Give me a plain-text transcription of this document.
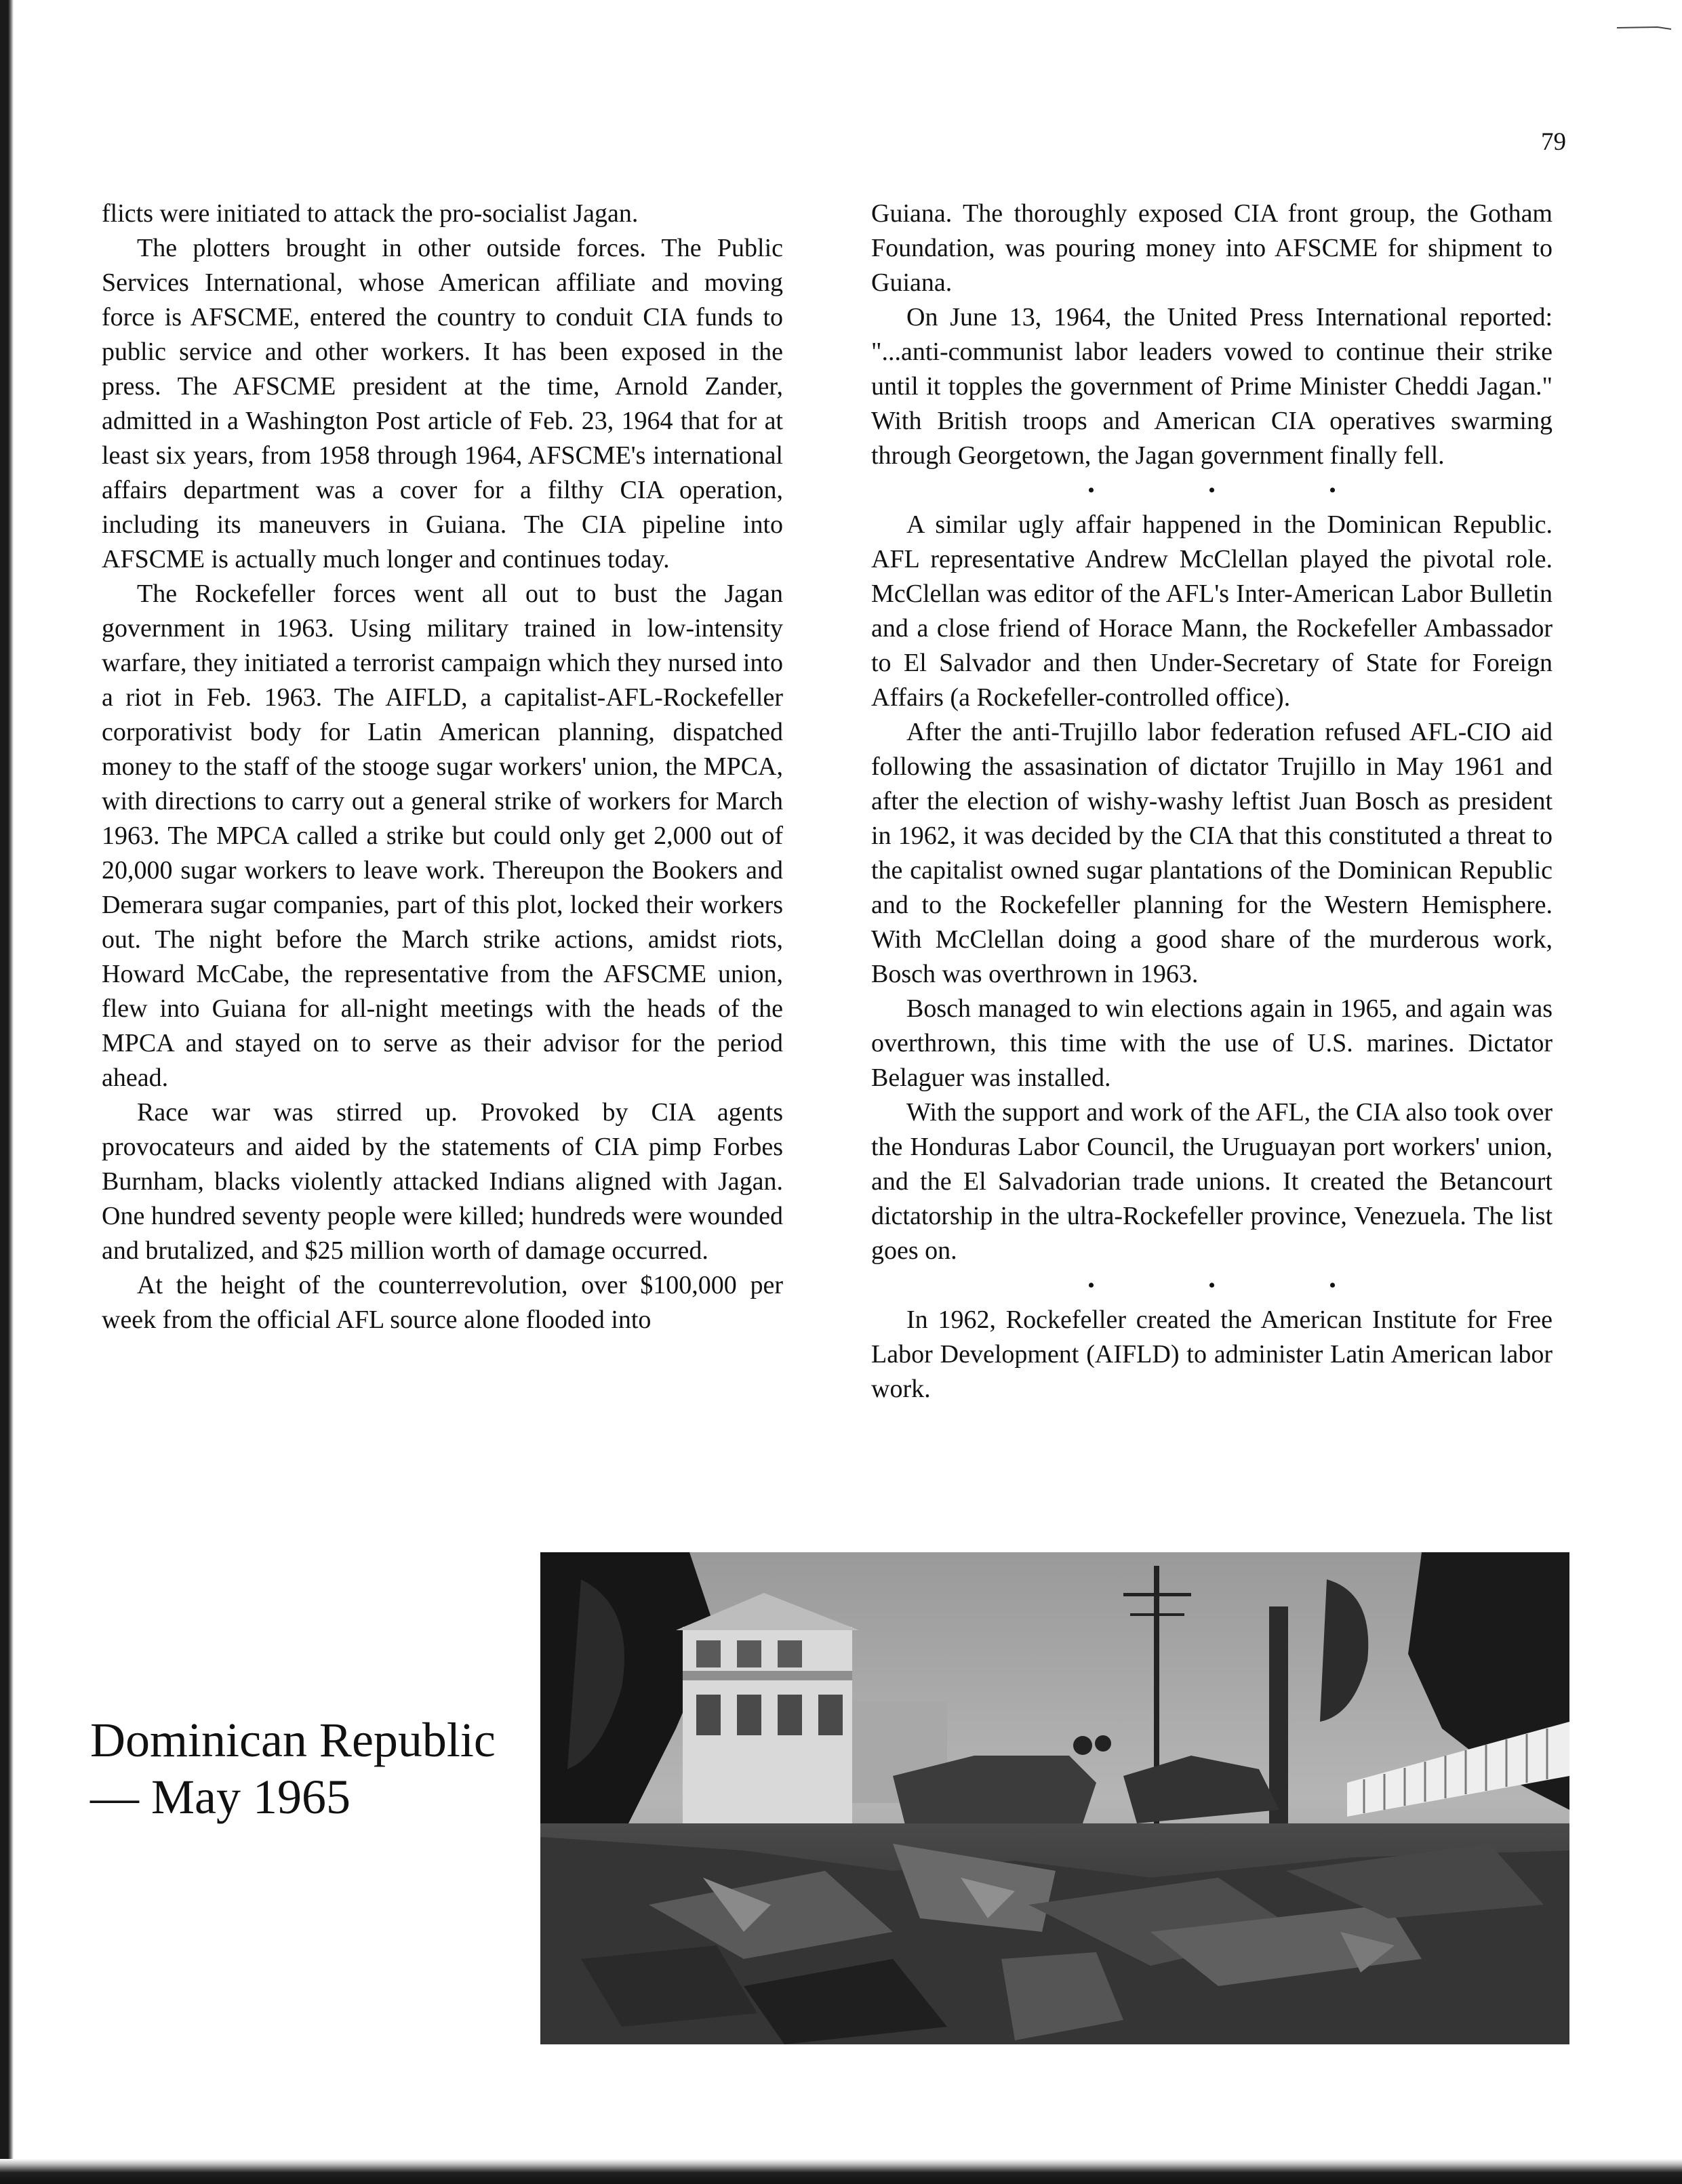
79

flicts were initiated to attack the pro-socialist Jagan.

The plotters brought in other outside forces. The Public Services International, whose American affiliate and moving force is AFSCME, entered the country to conduit CIA funds to public service and other workers. It has been exposed in the press. The AFSCME president at the time, Arnold Zander, admitted in a Washington Post article of Feb. 23, 1964 that for at least six years, from 1958 through 1964, AFSCME's international affairs department was a cover for a filthy CIA operation, including its maneuvers in Guiana. The CIA pipeline into AFSCME is actually much longer and continues today.

The Rockefeller forces went all out to bust the Jagan government in 1963. Using military trained in low-intensity warfare, they initiated a terrorist campaign which they nursed into a riot in Feb. 1963. The AIFLD, a capitalist-AFL-Rockefeller corporativist body for Latin American planning, dispatched money to the staff of the stooge sugar workers' union, the MPCA, with directions to carry out a general strike of workers for March 1963. The MPCA called a strike but could only get 2,000 out of 20,000 sugar workers to leave work. Thereupon the Bookers and Demerara sugar companies, part of this plot, locked their workers out. The night before the March strike actions, amidst riots, Howard McCabe, the representative from the AFSCME union, flew into Guiana for all-night meetings with the heads of the MPCA and stayed on to serve as their advisor for the period ahead.

Race war was stirred up. Provoked by CIA agents provocateurs and aided by the statements of CIA pimp Forbes Burnham, blacks violently attacked Indians aligned with Jagan. One hundred seventy people were killed; hundreds were wounded and brutalized, and $25 million worth of damage occurred.

At the height of the counterrevolution, over $100,000 per week from the official AFL source alone flooded into

Guiana. The thoroughly exposed CIA front group, the Gotham Foundation, was pouring money into AFSCME for shipment to Guiana.

On June 13, 1964, the United Press International reported: "...anti-communist labor leaders vowed to continue their strike until it topples the government of Prime Minister Cheddi Jagan." With British troops and American CIA operatives swarming through Georgetown, the Jagan government finally fell.

• • •

A similar ugly affair happened in the Dominican Republic. AFL representative Andrew McClellan played the pivotal role. McClellan was editor of the AFL's Inter-American Labor Bulletin and a close friend of Horace Mann, the Rockefeller Ambassador to El Salvador and then Under-Secretary of State for Foreign Affairs (a Rockefeller-controlled office).

After the anti-Trujillo labor federation refused AFL-CIO aid following the assasination of dictator Trujillo in May 1961 and after the election of wishy-washy leftist Juan Bosch as president in 1962, it was decided by the CIA that this constituted a threat to the capitalist owned sugar plantations of the Dominican Republic and to the Rockefeller planning for the Western Hemisphere. With McClellan doing a good share of the murderous work, Bosch was overthrown in 1963.

Bosch managed to win elections again in 1965, and again was overthrown, this time with the use of U.S. marines. Dictator Belaguer was installed.

With the support and work of the AFL, the CIA also took over the Honduras Labor Council, the Uruguayan port workers' union, and the El Salvadorian trade unions. It created the Betancourt dictatorship in the ultra-Rockefeller province, Venezuela. The list goes on.

• • •

In 1962, Rockefeller created the American Institute for Free Labor Development (AIFLD) to administer Latin American labor work.

Dominican Republic
— May 1965
